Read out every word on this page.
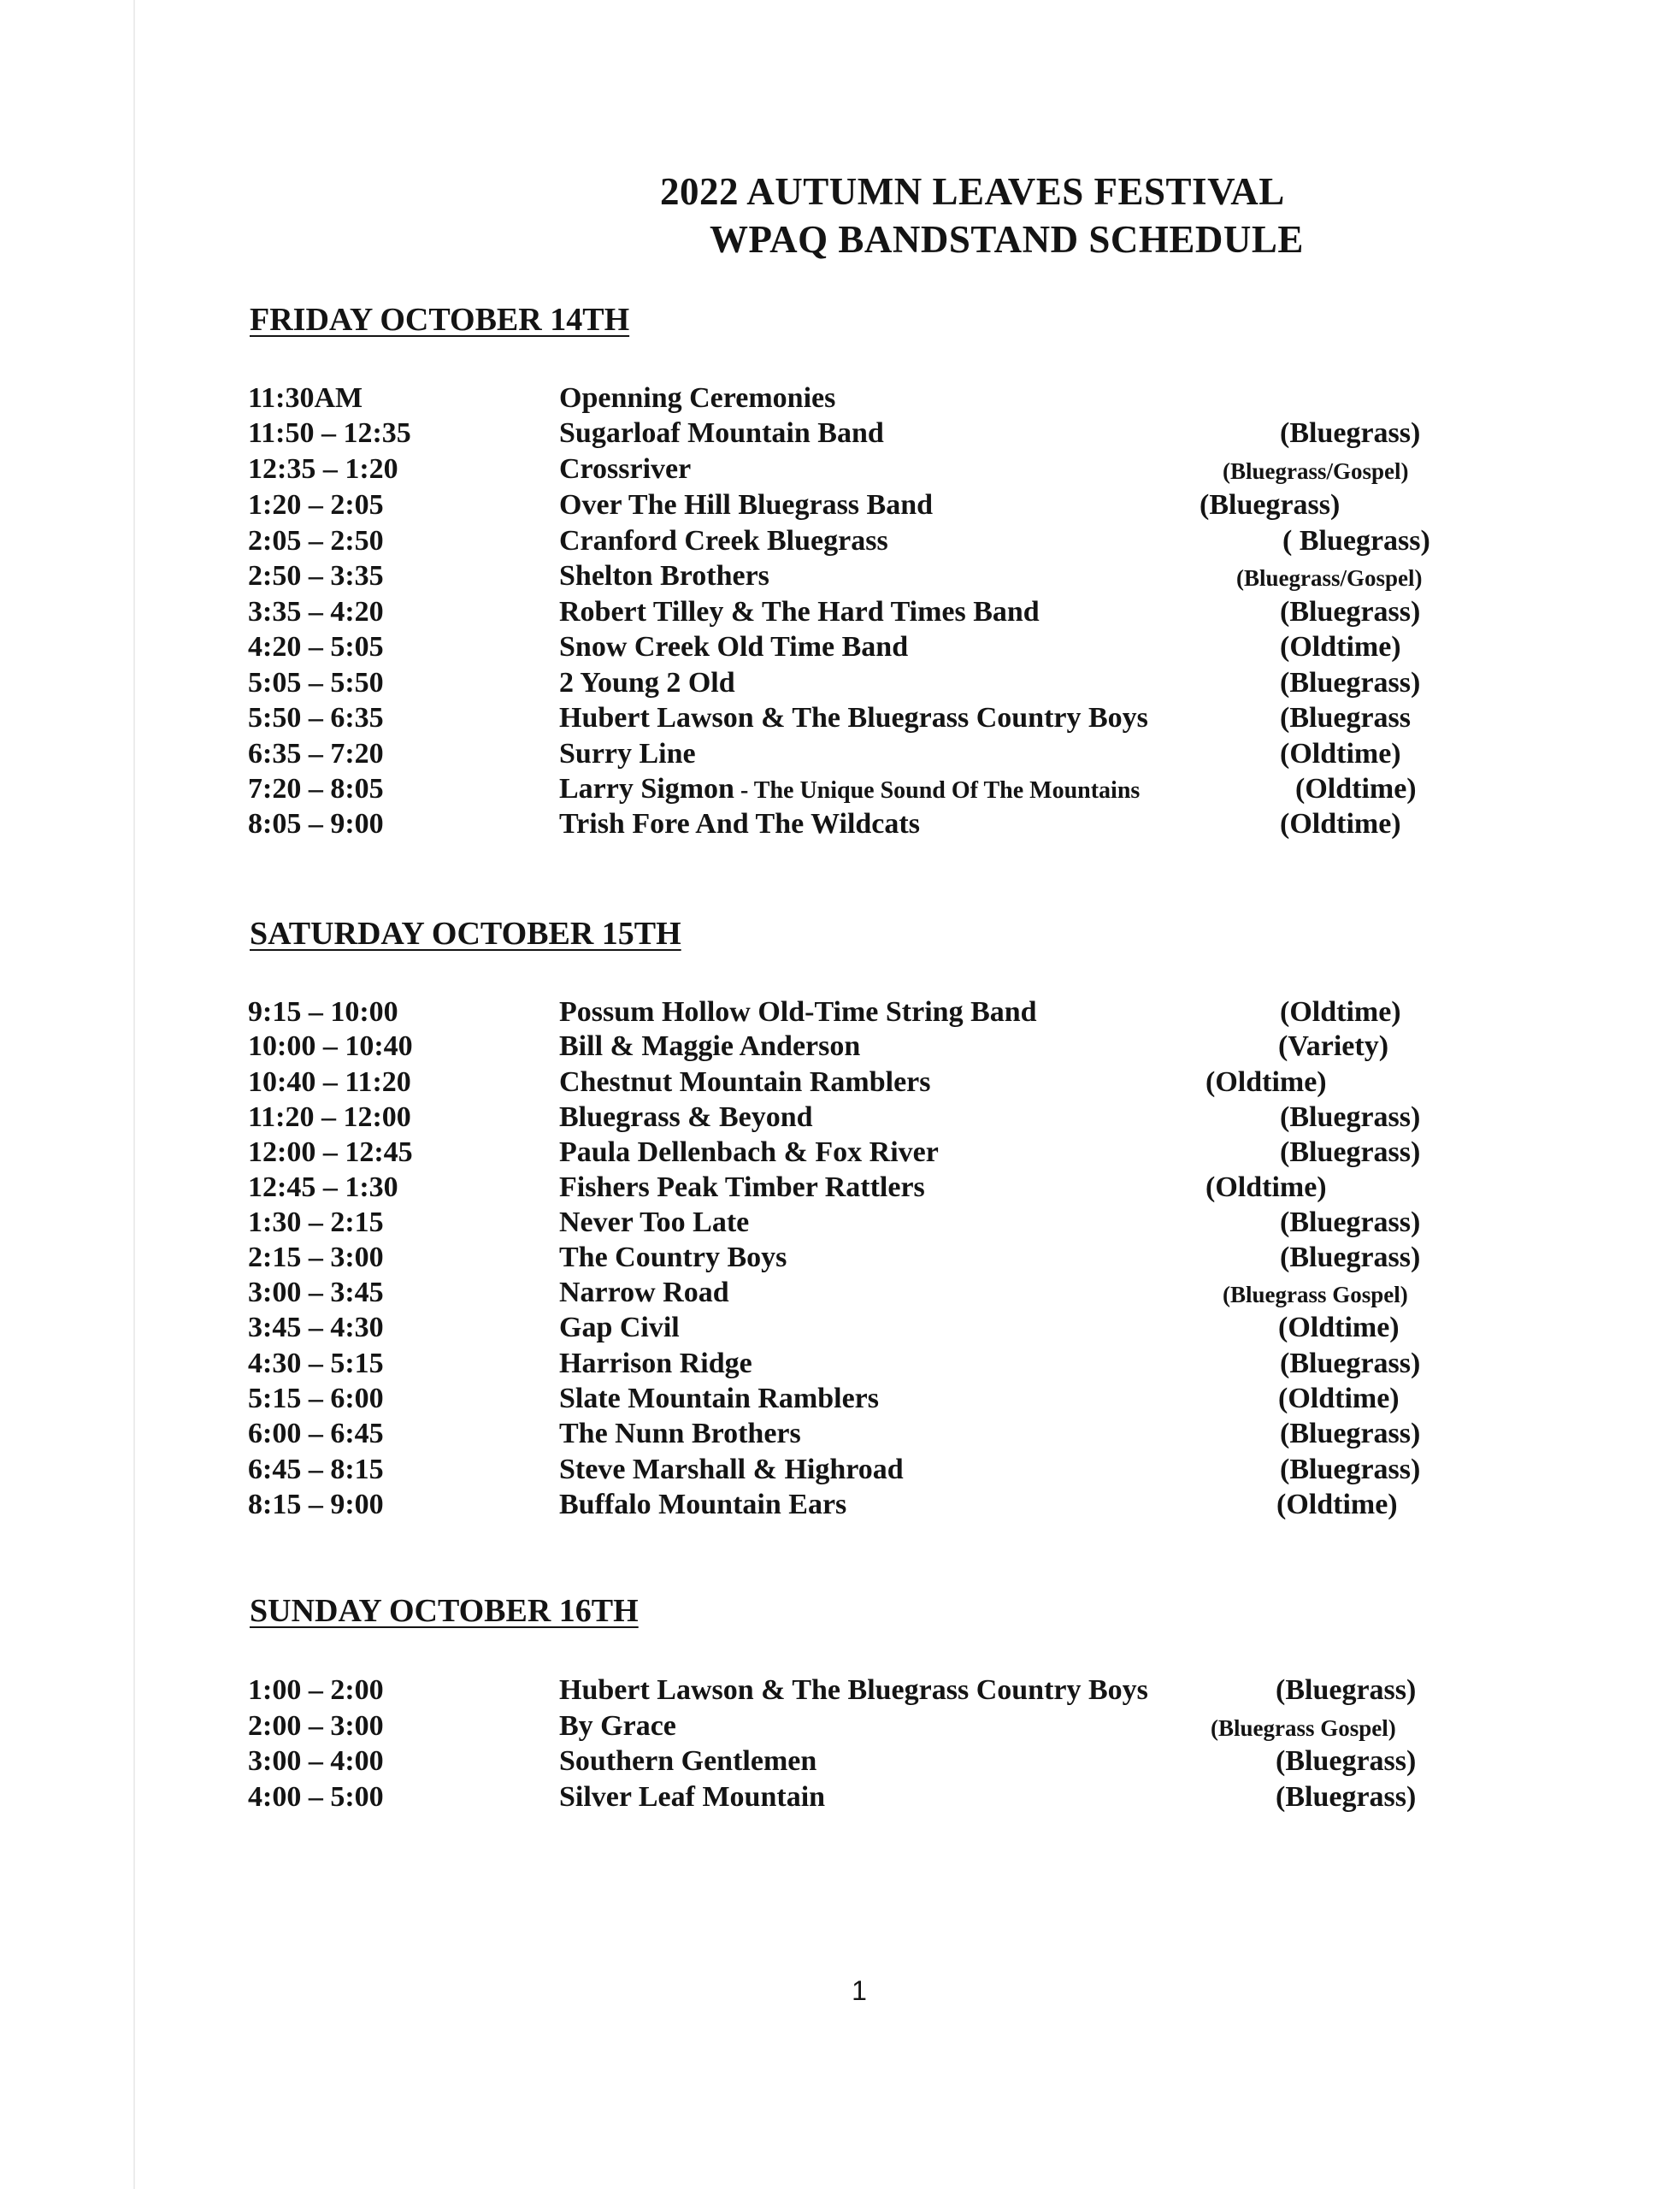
2022 AUTUMN LEAVES FESTIVAL
WPAQ BANDSTAND SCHEDULE
FRIDAY OCTOBER 14TH
SATURDAY OCTOBER 15TH
SUNDAY OCTOBER 16TH
11:30AM	Openning Ceremonies
11:50 – 12:35	Sugarloaf Mountain Band	(Bluegrass)
12:35 – 1:20	Crossriver	(Bluegrass/Gospel)
1:20 – 2:05	Over The Hill Bluegrass Band	(Bluegrass)
2:05 – 2:50	Cranford Creek Bluegrass	( Bluegrass)
2:50 – 3:35	Shelton Brothers	(Bluegrass/Gospel)
3:35 – 4:20	Robert Tilley & The Hard Times Band	(Bluegrass)
4:20 – 5:05	Snow Creek Old Time Band	(Oldtime)
5:05 – 5:50	2 Young 2 Old	(Bluegrass)
5:50 – 6:35	Hubert Lawson & The Bluegrass Country Boys	(Bluegrass
6:35 – 7:20	Surry Line	(Oldtime)
7:20 – 8:05	Larry Sigmon - The Unique Sound Of The Mountains	(Oldtime)
8:05 – 9:00	Trish Fore And The Wildcats	(Oldtime)
9:15 – 10:00	Possum Hollow Old-Time String Band	(Oldtime)
10:00 – 10:40	Bill & Maggie Anderson	(Variety)
10:40 – 11:20	Chestnut Mountain Ramblers	(Oldtime)
11:20 – 12:00	Bluegrass & Beyond	(Bluegrass)
12:00 – 12:45	Paula Dellenbach & Fox River	(Bluegrass)
12:45 – 1:30	Fishers Peak Timber Rattlers	(Oldtime)
1:30 – 2:15	Never Too Late	(Bluegrass)
2:15 – 3:00	The Country Boys	(Bluegrass)
3:00 – 3:45	Narrow Road	(Bluegrass Gospel)
3:45 – 4:30	Gap Civil	(Oldtime)
4:30 – 5:15	Harrison Ridge	(Bluegrass)
5:15 – 6:00	Slate Mountain Ramblers	(Oldtime)
6:00 – 6:45	The Nunn Brothers	(Bluegrass)
6:45 – 8:15	Steve Marshall & Highroad	(Bluegrass)
8:15 – 9:00	Buffalo Mountain Ears	(Oldtime)
1:00 – 2:00	Hubert Lawson & The Bluegrass Country Boys	(Bluegrass)
2:00 – 3:00	By Grace	(Bluegrass Gospel)
3:00 – 4:00	Southern Gentlemen	(Bluegrass)
4:00 – 5:00	Silver Leaf Mountain	(Bluegrass)
1
